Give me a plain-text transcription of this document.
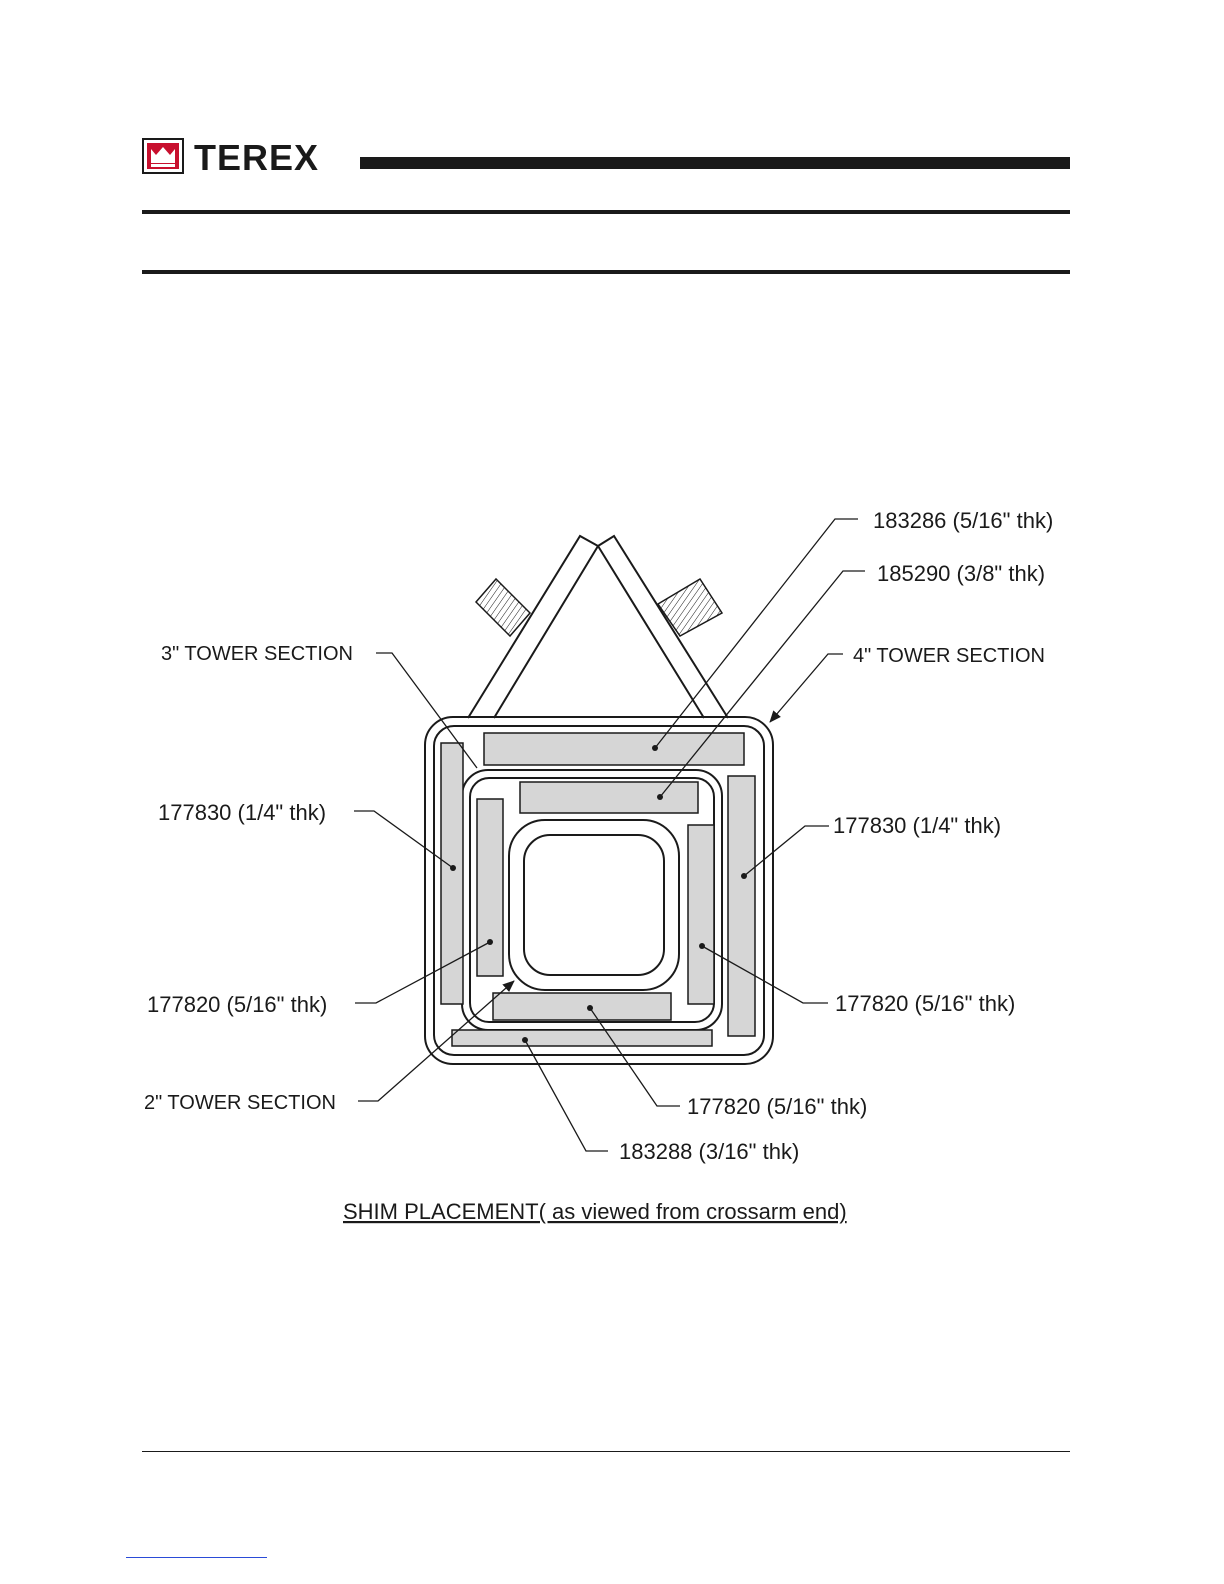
TEREX
183286 (5/16" thk)
185290 (3/8" thk)
4" TOWER SECTION
3" TOWER SECTION
177830 (1/4" thk)
177830 (1/4" thk)
177820 (5/16" thk)	177820 (5/16" thk)
2" TOWER SECTION	177820 (5/16" thk)
183288 (3/16" thk)
SHIM PLACEMENT( as viewed from crossarm end)
